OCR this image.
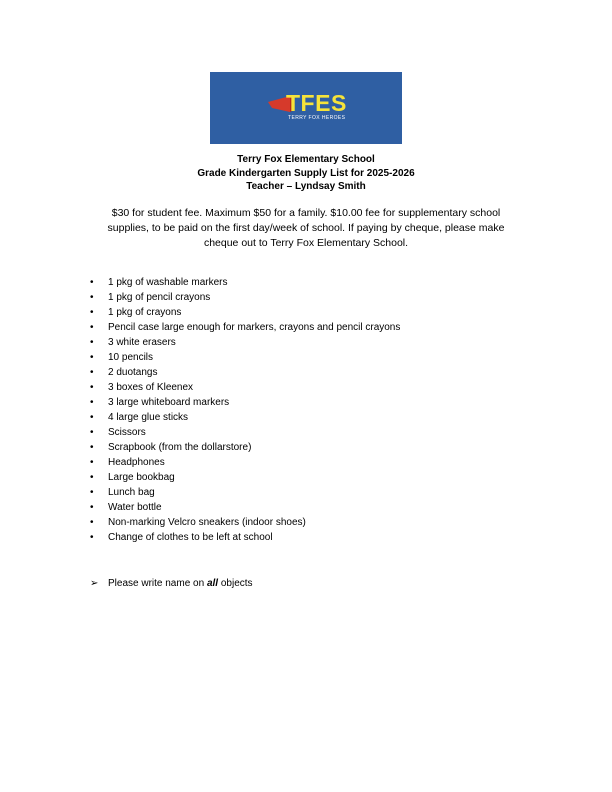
TFES
TERRY FOX HEROES
Terry Fox Elementary School
Grade Kindergarten Supply List for 2025-2026
Teacher – Lyndsay Smith
$30 for student fee. Maximum $50 for a family. $10.00 fee for supplementary school supplies, to be paid on the first day/week of school. If paying by cheque, please make cheque out to Terry Fox Elementary School.
• 1 pkg of washable markers
• 1 pkg of pencil crayons
• 1 pkg of crayons
• Pencil case large enough for markers, crayons and pencil crayons
• 3 white erasers
• 10 pencils
• 2 duotangs
• 3 boxes of Kleenex
• 3 large whiteboard markers
• 4 large glue sticks
• Scissors
• Scrapbook (from the dollarstore)
• Headphones
• Large bookbag
• Lunch bag
• Water bottle
• Non-marking Velcro sneakers (indoor shoes)
• Change of clothes to be left at school
➢ Please write name on all objects
